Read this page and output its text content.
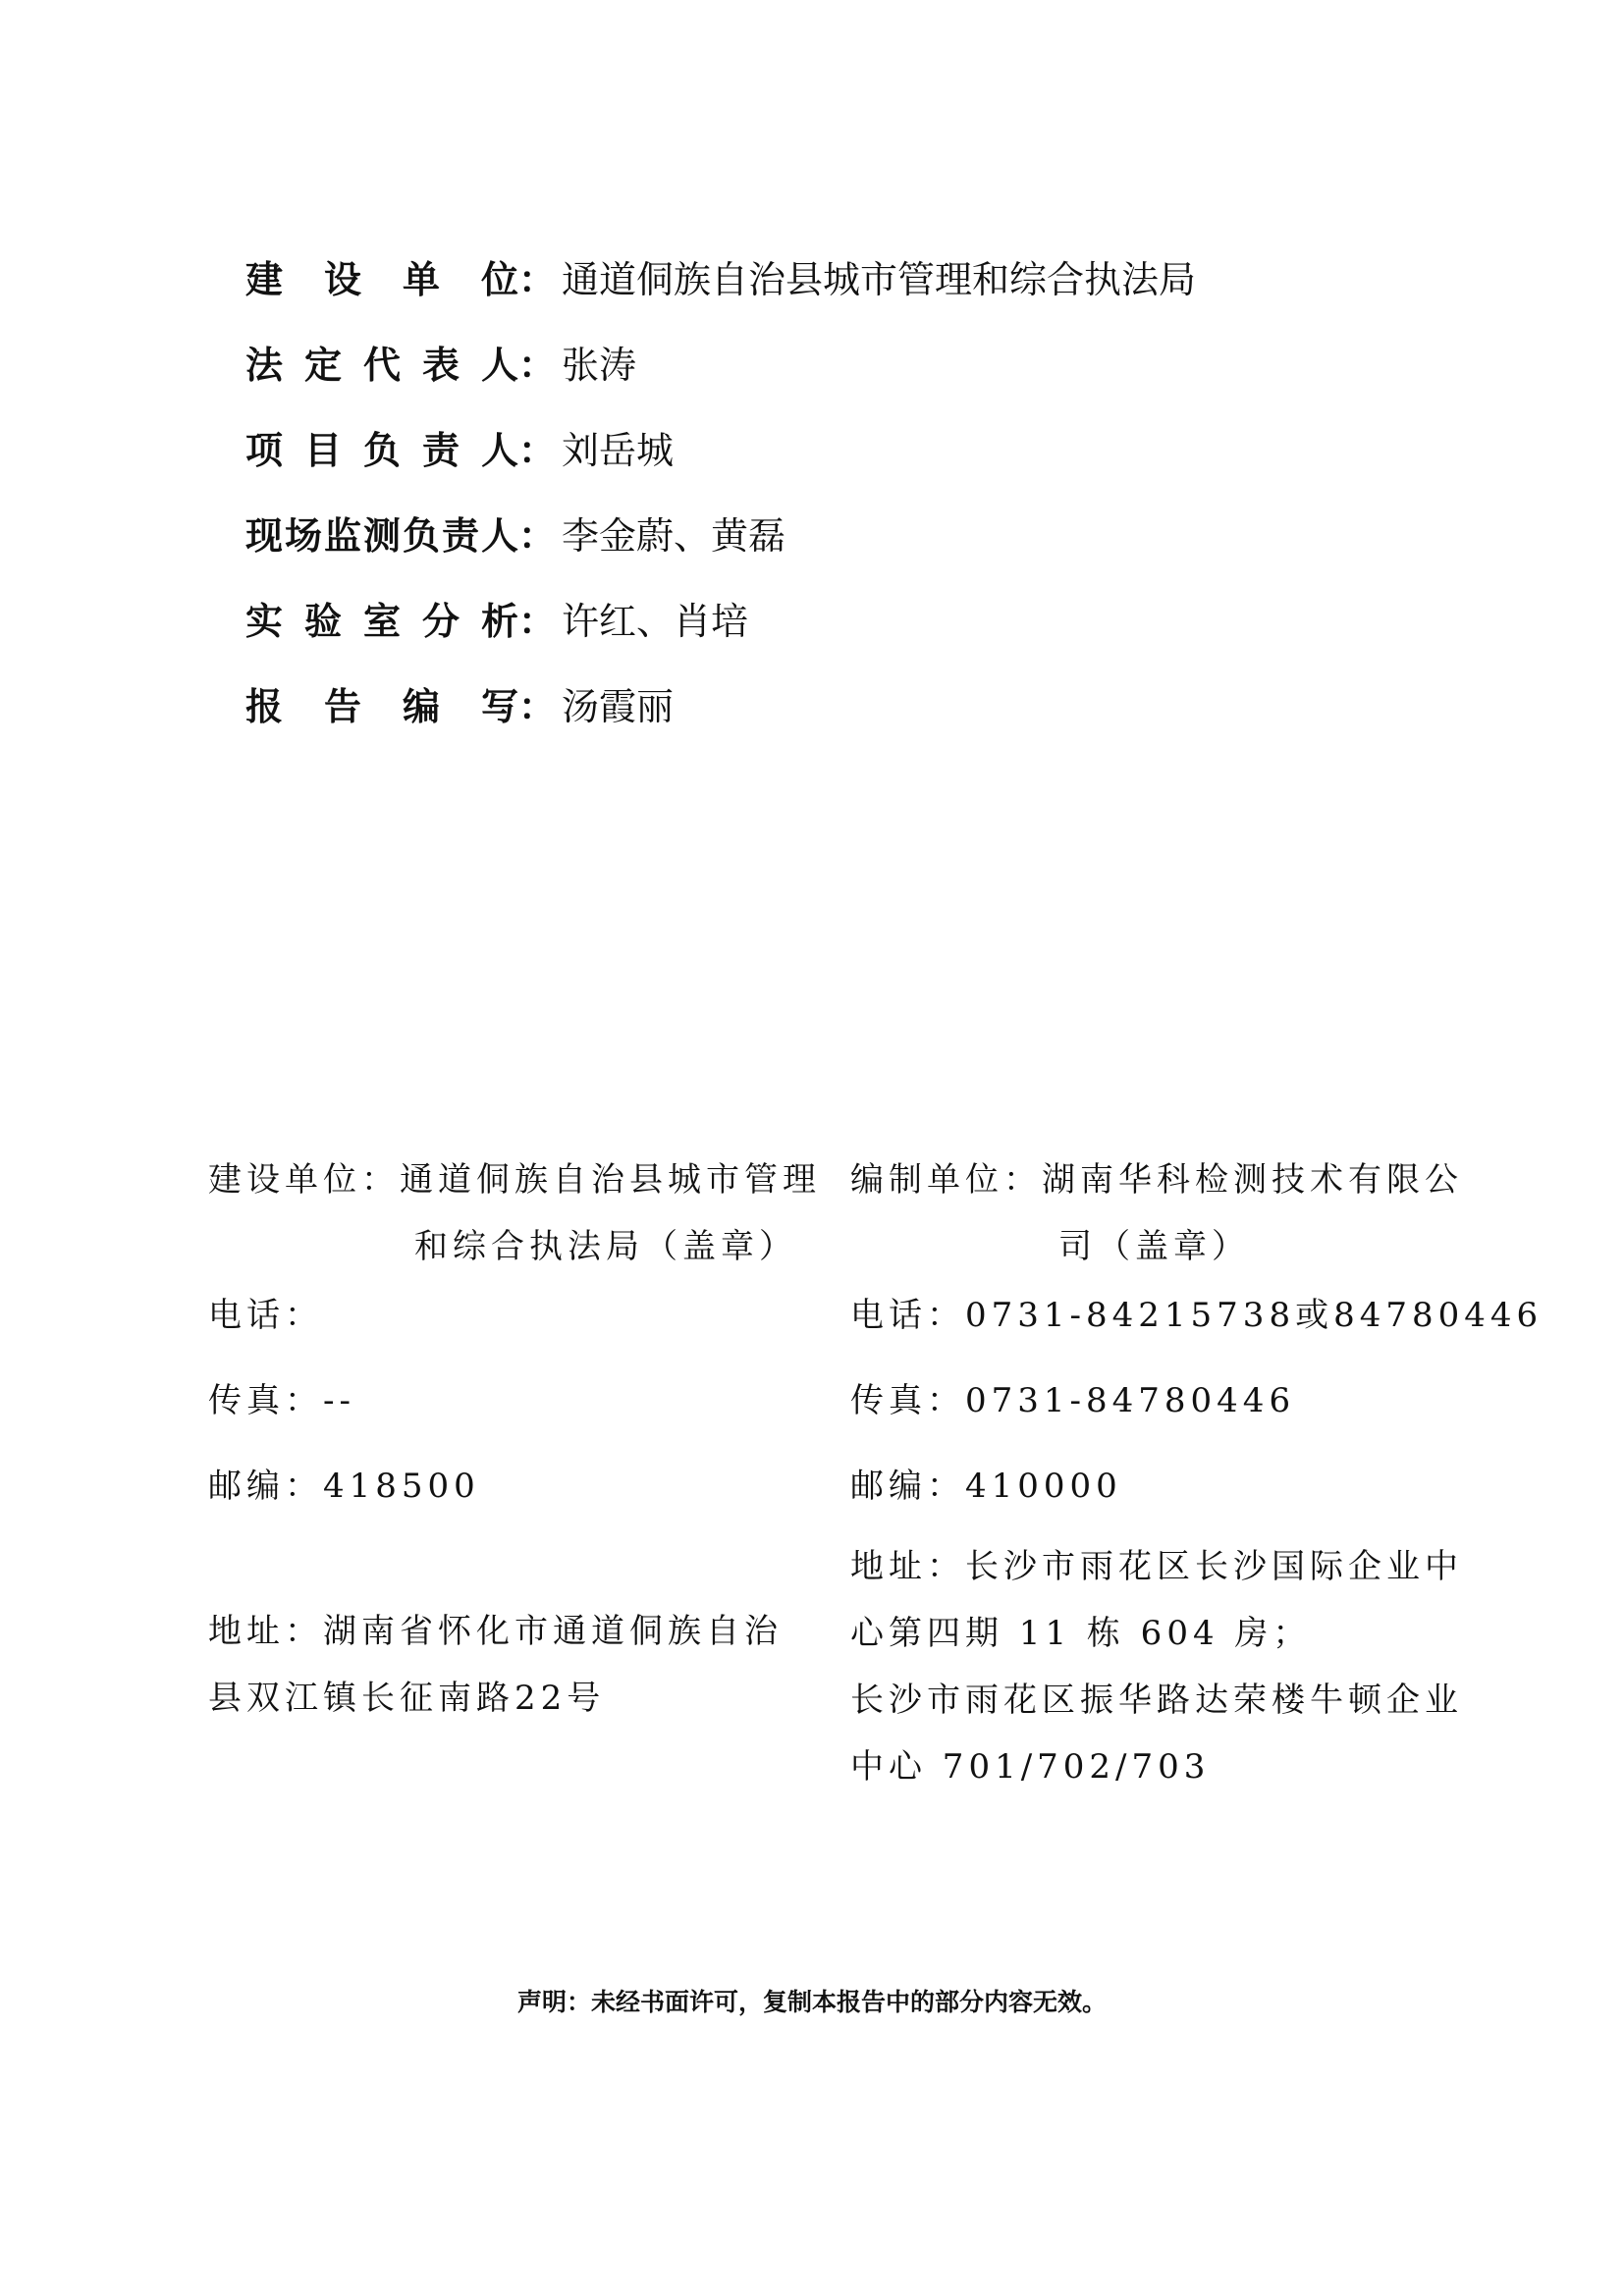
建设单位 ： 通道侗族自治县城市管理和综合执法局
法定代表人 ： 张涛
项目负责人 ： 刘岳城
现场监测负责人 ： 李金蔚、黄磊
实验室分析 ： 许红、肖培
报告编写 ： 汤霞丽
建设单位：通道侗族自治县城市管理
和综合执法局（盖章）
电话：
传真：--
邮编：418500
地址：湖南省怀化市通道侗族自治
县双江镇长征南路22号
编制单位：湖南华科检测技术有限公
司（盖章）
电话：0731-84215738或84780446
传真：0731-84780446
邮编：410000
地址：长沙市雨花区长沙国际企业中
心第四期 11 栋 604 房；
长沙市雨花区振华路达荣楼牛顿企业
中心 701/702/703
声明：未经书面许可，复制本报告中的部分内容无效。
